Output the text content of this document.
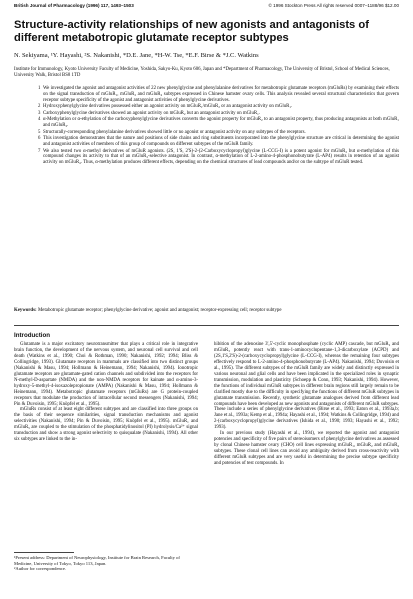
British Journal of Pharmacology (1996) 117, 1493–1503	© 1996 Stockton Press All rights reserved 0007–1188/96 $12.00
Structure-activity relationships of new agonists and antagonists of different metabotropic glutamate receptor subtypes
N. Sekiyama, ¹Y. Hayashi, ²S. Nakanishi, *D.E. Jane, *H-W. Tse, *E.F. Birse & *J.C. Watkins
Institute for Immunology, Kyoto University Faculty of Medicine, Yoshida, Sakyo-Ku, Kyoto 606, Japan and *Department of Pharmacology, The University of Bristol, School of Medical Sciences, University Walk, Bristol BS8 1TD
1 We investigated the agonist and antagonist activities of 22 new phenylglycine and phenylalanine derivatives for metabotropic glutamate receptors (mGluRs) by examining their effects on the signal transduction of mGluR₁, mGluR₂ and mGluR₄ subtypes expressed in Chinese hamster ovary cells. This analysis revealed several structural characteristics that govern receptor subtype specificity of the agonist and antagonist activities of phenylglycine derivatives.
2 Hydroxyphenylglycine derivatives possessed either an agonist activity on mGluR₁/mGluR₂ or an antagonist activity on mGluR₁.
3 Carboxyphenylglycine derivatives showed an agonist activity on mGluR₂ but an antagonist activity on mGluR₁.
4 α-Methylation or α-ethylation of the carboxyphenylglycine derivatives converts the agonist property for mGluR₂ to an antagonist property, thus producing antagonists at both mGluR₁ and mGluR₂.
5 Structurally-corresponding phenylalanine derivatives showed little or no agonist or antagonist activity on any subtypes of the receptors.
6 This investigation demonstrates that the nature and positions of side chains and ring substituents incorporated into the phenylglycine structure are critical in determining the agonist and antagonist activities of members of this group of compounds on different subtypes of the mGluR family.
7 We also tested two α-methyl derivatives of mGluR agonists. (2S, 1'S, 2'S)-2-(2-Carboxycyclopropyl)glycine (L-CCG-I) is a potent agonist for mGluR₂ but α-methylation of this compound changes its activity to that of an mGluR₂-selective antagonist. In contrast, α-methylation of L-2-amino-4-phosphonobutyrate (L-AP4) results in retention of an agonist activity on mGluR₄. Thus, α-methylation produces different effects, depending on the chemical structures of lead compounds and/or on the subtype of mGluR tested.
Keywords: Metabotropic glutamate receptor; phenylglycine derivative; agonist and antagonist; receptor-expressing cell; receptor subtype
Introduction

Glutamate is a major excitatory neurotransmitter that plays a critical role in integrative brain function, the development of the nervous system, and neuronal cell survival and cell death (Watkins et al., 1990; Choi & Rothman, 1990; Nakanishi, 1992; 1994; Bliss & Collingridge, 1993). Glutamate receptors in mammals are classified into two distinct groups (Nakanishi & Masu, 1994; Hollmann & Heinemann, 1994; Nakanishi, 1994). Ionotropic glutamate receptors are glutamate-gated cation channels and subdivided into the receptors for N-methyl-D-aspartate (NMDA) and the non-NMDA receptors for kainate and α-amino-3-hydroxy-5-methyl-4-isoxazolepropionate (AMPA) (Nakanishi & Masu, 1994; Hollmann & Heinemann, 1994). Metabotropic glutamate receptors (mGluRs) are G protein-coupled receptors that modulate the production of intracellular second messengers (Nakanishi, 1994; Pin & Duvoisin, 1995; Knöpfel et al., 1995).

mGluRs consist of at least eight different subtypes and are classified into three groups on the basis of their sequence similarities, signal transduction mechanisms and agonist selectivities (Nakanishi, 1994; Pin & Duvoisin, 1995; Knöpfel et al., 1995). mGluR₁ and mGluR₅ are coupled to the stimulation of the phosphatidylinositol (PI) hydrolysis/Ca²⁺ signal transduction and show a strong agonist selectivity to quisqualate (Nakanishi, 1994). All other six subtypes are linked to the in-

hibition of the adenosine 3',5'-cyclic monophosphate (cyclic AMP) cascade, but mGluR₂ and mGluR₃ potently react with trans-1-aminocyclopentane-1,3-dicarboxylate (ACPD) and (2S,1'S,2'S)-2-(carboxycyclopropyl)glycine (L-CCG-I), whereas the remaining four subtypes effectively respond to L-2-amino-4-phosphonobutyrate (L-AP4). Nakanishi, 1994; Duvoisin et al., 1995). The different subtypes of the mGluR family are widely and distinctly expressed in various neuronal and glial cells and have been implicated in the specialized roles in synaptic transmission, modulation and plasticity (Schoepp & Conn, 1993; Nakanishi, 1994). However, the functions of individual mGluR subtypes in different brain regions still largely remain to be clarified mostly due to the difficulty in specifying the functions of different mGluR subtypes in glutamate transmission. Recently, synthetic glutamate analogues derived from different lead compounds have been developed as new agonists and antagonists of different mGluR subtypes. These include a series of phenylglycine derivatives (Birse et al., 1993; Eaton et al., 1993a,b; Jane et al., 1993a; Kemp et al., 1994a; Hayashi et al., 1994; Watkins & Collingridge, 1994) and 2-(carboxycyclopropyl)glycine derivatives (Ishida et al., 1990; 1993; Hayashi et al., 1992; 1993).

In our previous study (Hayashi et al., 1994), we reported the agonist and antagonist potencies and specificity of five pairs of stereoisomers of phenylglycine derivatives as assessed by clonal Chinese hamster ovary (CHO) cell lines expressing mGluR₁, mGluR₂ and mGluR₄ subtypes. These clonal cell lines can avoid any ambiguity derived from cross-reactivity with different mGluR subtypes and are very useful in determining the precise subtype specificity and potencies of test compounds. In

¹Present address: Department of Neurophysiology, Institute for Brain Research, Faculty of Medicine, University of Tokyo, Tokyo 113, Japan.

²Author for correspondence.
